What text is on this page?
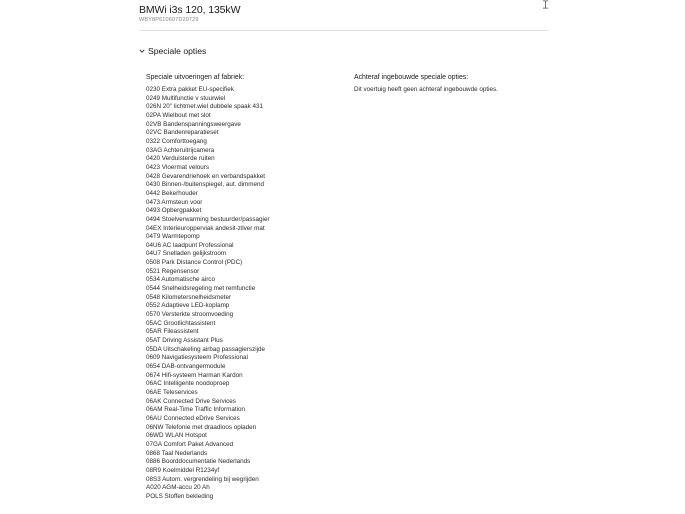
BMWi i3s 120, 135kW
WBY8P610607D29729
Speciale opties
Speciale uitvoeringen af fabriek:
0230 Extra pakket EU-specifiek
0249 Multifunctie v stuurwiel
026N 20" lichtmet.wiel dubbele spaak 431
02PA Wielbout met slot
02VB Bandenspanningsweergave
02VC Bandenreparatieset
0322 Comforttoegang
03AG Achteruitrijcamera
0420 Verduisterde ruiten
0423 Vloermat velours
0428 Gevarendriehoek en verbandspakket
0430 Binnen-/buitenspiegel, aut. dimmend
0442 Bekerhouder
0473 Armsteun voor
0493 Opbergpakket
0494 Stoelverwarming bestuurder/passagier
04EX Interieuropperviak andesit-zilver mat
04T9 Warmtepomp
04U6 AC laadpunt Professional
04U7 Snelladen gelijkstroom
0508 Park Distance Control (PDC)
0521 Regensensor
0534 Automatische airco
0544 Snelheidsregeling met remfunctie
0548 Kilometersnelheidsmeter
0552 Adaptieve LED-koplamp
0570 Versterkte stroomvoeding
05AC Grootlichtassistent
05AR Fileassistent
05AT Driving Assistant Plus
05DA Uitschakeling airbag passagierszijde
0609 Navigatiesysteem Professional
0654 DAB-ontvangermodule
0674 Hifi-systeem Harman Kardon
06AC Intelligente noodoproep
06AE Teleservices
06AK Connected Drive Services
06AM Real-Time Traffic Information
06AU Connected eDrive Services
06NW Telefonie met draadloos opladen
06WD WLAN Hotspot
07GA Comfort Paket Advanced
0868 Taal Nederlands
0886 Boorddocumentatie Nederlands
08R9 Koelmiddel R1234yf
08S3 Autom. vergrendeling bij wegrijden
A020 AGM-accu 20 Ah
POLS Stoffen bekleding
Achteraf ingebouwde speciale opties:
Dit voertuig heeft geen achteraf ingebouwde opties.
